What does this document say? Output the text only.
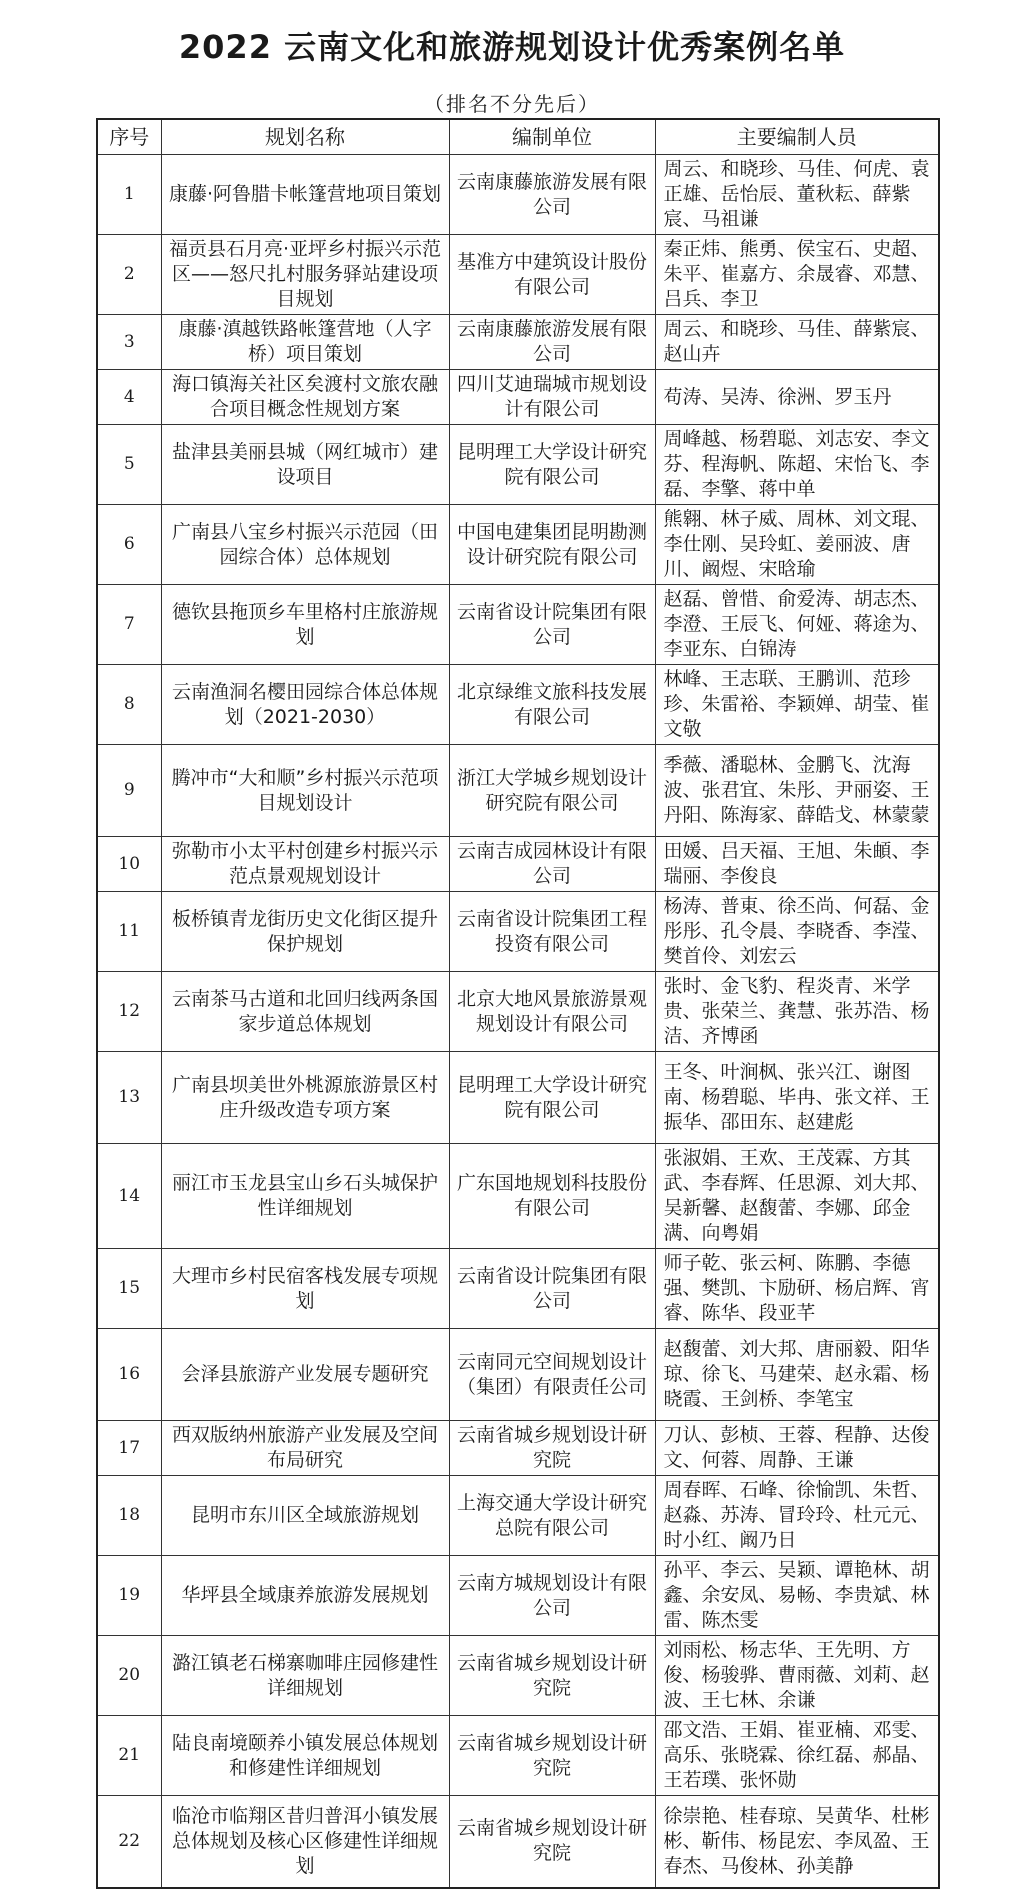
2022 云南文化和旅游规划设计优秀案例名单
（排名不分先后）
序号	规划名称	编制单位	主要编制人员
1	康藤·阿鲁腊卡帐篷营地项目策划	云南康藤旅游发展有限公司	周云、和晓珍、马佳、何虎、袁正雄、岳怡辰、董秋耘、薛紫宸、马祖谦
2	福贡县石月亮·亚坪乡村振兴示范区——怒尺扎村服务驿站建设项目规划	基准方中建筑设计股份有限公司	秦正炜、熊勇、侯宝石、史超、朱平、崔嘉方、余晟睿、邓慧、吕兵、李卫
3	康藤·滇越铁路帐篷营地（人字桥）项目策划	云南康藤旅游发展有限公司	周云、和晓珍、马佳、薛紫宸、赵山卉
4	海口镇海关社区矣渡村文旅农融合项目概念性规划方案	四川艾迪瑞城市规划设计有限公司	苟涛、吴涛、徐洲、罗玉丹
5	盐津县美丽县城（网红城市）建设项目	昆明理工大学设计研究院有限公司	周峰越、杨碧聪、刘志安、李文芬、程海帆、陈超、宋怡飞、李磊、李擎、蒋中单
6	广南县八宝乡村振兴示范园（田园综合体）总体规划	中国电建集团昆明勘测设计研究院有限公司	熊翱、林子威、周林、刘文琨、李仕刚、吴玲虹、姜丽波、唐川、阚煜、宋晗瑜
7	德钦县拖顶乡车里格村庄旅游规划	云南省设计院集团有限公司	赵磊、曾惜、俞爱涛、胡志杰、李澄、王辰飞、何娅、蒋途为、李亚东、白锦涛
8	云南渔洞名樱田园综合体总体规划（2021-2030）	北京绿维文旅科技发展有限公司	林峰、王志联、王鹏训、范珍珍、朱雷裕、李颖婵、胡莹、崔文敬
9	腾冲市“大和顺”乡村振兴示范项目规划设计	浙江大学城乡规划设计研究院有限公司	季薇、潘聪林、金鹏飞、沈海波、张君宜、朱彤、尹丽姿、王丹阳、陈海家、薛皓戈、林蒙蒙
10	弥勒市小太平村创建乡村振兴示范点景观规划设计	云南吉成园林设计有限公司	田媛、吕天福、王旭、朱頔、李瑞丽、李俊良
11	板桥镇青龙街历史文化街区提升保护规划	云南省设计院集团工程投资有限公司	杨涛、普東、徐丕尚、何磊、金彤彤、孔令晨、李晓香、李滢、樊首伶、刘宏云
12	云南茶马古道和北回归线两条国家步道总体规划	北京大地风景旅游景观规划设计有限公司	张时、金飞豹、程炎青、米学贵、张荣兰、龚慧、张苏浩、杨洁、齐博函
13	广南县坝美世外桃源旅游景区村庄升级改造专项方案	昆明理工大学设计研究院有限公司	王冬、叶涧枫、张兴江、谢图南、杨碧聪、毕冉、张文祥、王振华、邵田东、赵建彪
14	丽江市玉龙县宝山乡石头城保护性详细规划	广东国地规划科技股份有限公司	张淑娟、王欢、王茂霖、方其武、李春辉、任思源、刘大邦、吴新馨、赵馥蕾、李娜、邱金满、向粤娟
15	大理市乡村民宿客栈发展专项规划	云南省设计院集团有限公司	师子乾、张云柯、陈鹏、李德强、樊凯、卞励研、杨启辉、宵睿、陈华、段亚芊
16	会泽县旅游产业发展专题研究	云南同元空间规划设计（集团）有限责任公司	赵馥蕾、刘大邦、唐丽毅、阳华琼、徐飞、马建荣、赵永霜、杨晓霞、王剑桥、李笔宝
17	西双版纳州旅游产业发展及空间布局研究	云南省城乡规划设计研究院	刀认、彭桢、王蓉、程静、达俊文、何蓉、周静、王谦
18	昆明市东川区全域旅游规划	上海交通大学设计研究总院有限公司	周春晖、石峰、徐愉凯、朱哲、赵淼、苏涛、冒玲玲、杜元元、时小红、阚乃日
19	华坪县全域康养旅游发展规划	云南方城规划设计有限公司	孙平、李云、吴颖、谭艳林、胡鑫、余安凤、易畅、李贵斌、林雷、陈杰雯
20	潞江镇老石梯寨咖啡庄园修建性详细规划	云南省城乡规划设计研究院	刘雨松、杨志华、王先明、方俊、杨骏骅、曹雨薇、刘莉、赵波、王七林、余谦
21	陆良南境颐养小镇发展总体规划和修建性详细规划	云南省城乡规划设计研究院	邵文浩、王娟、崔亚楠、邓雯、高乐、张晓霖、徐红磊、郝晶、王若璞、张怀勋
22	临沧市临翔区昔归普洱小镇发展总体规划及核心区修建性详细规划	云南省城乡规划设计研究院	徐崇艳、桂春琼、吴黄华、杜彬彬、靳伟、杨昆宏、李凤盈、王春杰、马俊林、孙美静
